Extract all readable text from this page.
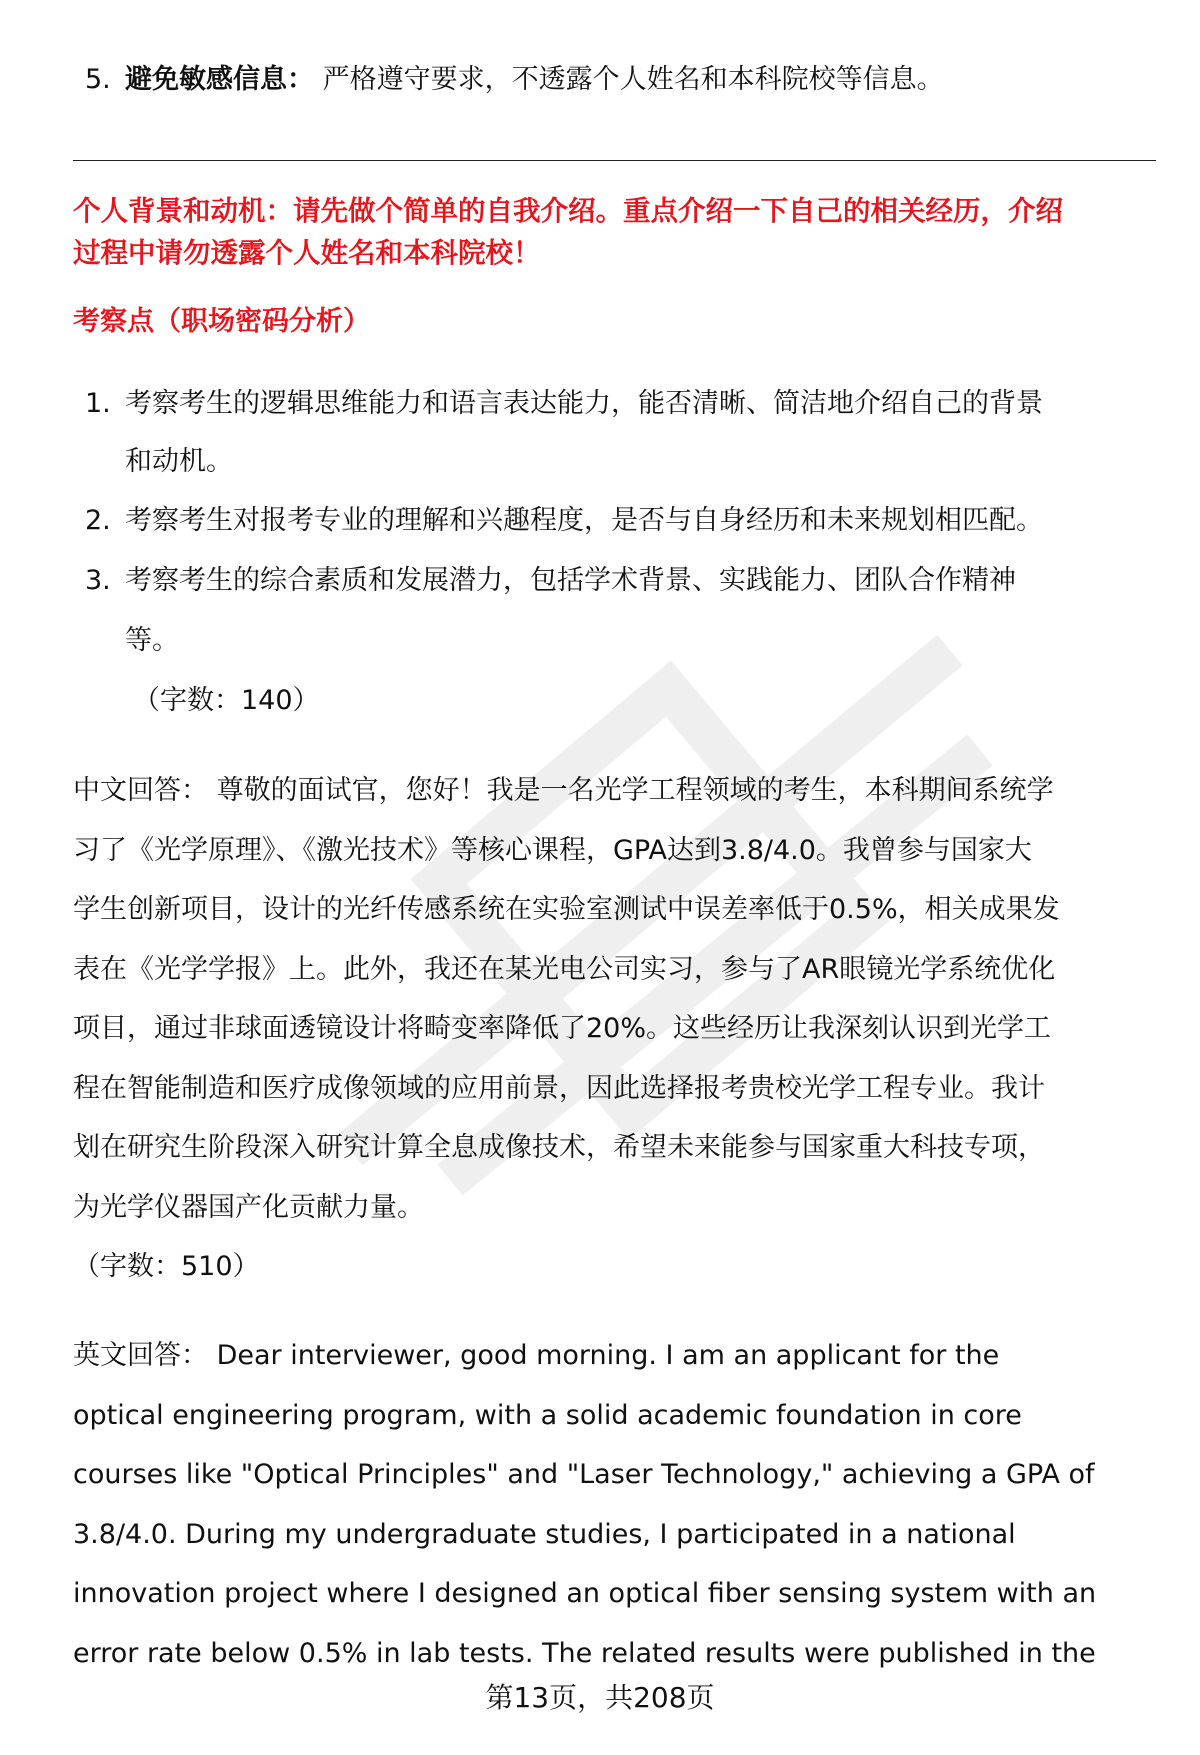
5. 避免敏感信息： 严格遵守要求，不透露个人姓名和本科院校等信息。
个人背景和动机：请先做个简单的自我介绍。重点介绍一下自己的相关经历，介绍
过程中请勿透露个人姓名和本科院校！
考察点（职场密码分析）
1. 考察考生的逻辑思维能力和语言表达能力，能否清晰、简洁地介绍自己的背景
和动机。
2. 考察考生对报考专业的理解和兴趣程度，是否与自身经历和未来规划相匹配。
3. 考察考生的综合素质和发展潜力，包括学术背景、实践能力、团队合作精神
等。
（字数：140）
中文回答： 尊敬的面试官，您好！我是一名光学工程领域的考生，本科期间系统学
习了《光学原理》、《激光技术》等核心课程，GPA达到3.8/4.0。我曾参与国家大
学生创新项目，设计的光纤传感系统在实验室测试中误差率低于0.5%，相关成果发
表在《光学学报》上。此外，我还在某光电公司实习，参与了AR眼镜光学系统优化
项目，通过非球面透镜设计将畸变率降低了20%。这些经历让我深刻认识到光学工
程在智能制造和医疗成像领域的应用前景，因此选择报考贵校光学工程专业。我计
划在研究生阶段深入研究计算全息成像技术，希望未来能参与国家重大科技专项，
为光学仪器国产化贡献力量。
（字数：510）
英文回答： Dear interviewer, good morning. I am an applicant for the
optical engineering program, with a solid academic foundation in core
courses like "Optical Principles" and "Laser Technology," achieving a GPA of
3.8/4.0. During my undergraduate studies, I participated in a national
innovation project where I designed an optical fiber sensing system with an
error rate below 0.5% in lab tests. The related results were published in the
第13页，共208页
